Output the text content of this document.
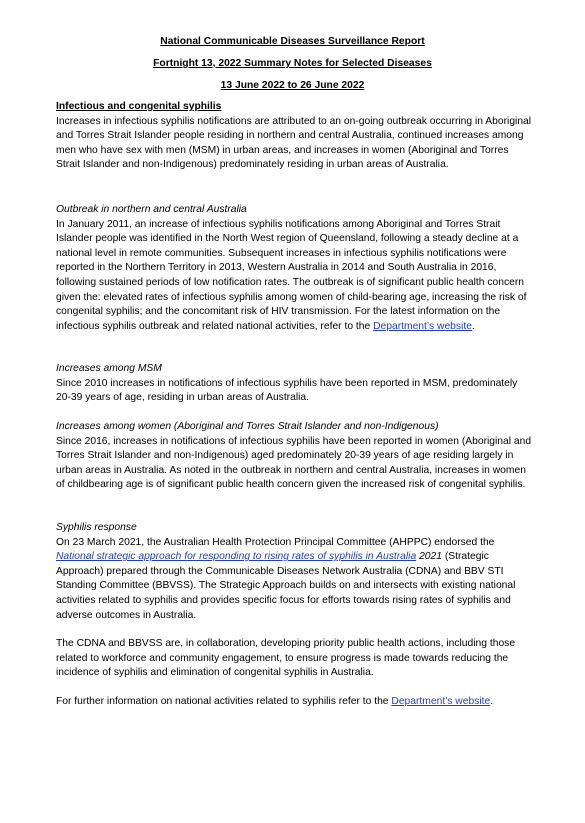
National Communicable Diseases Surveillance Report
Fortnight 13, 2022 Summary Notes for Selected Diseases
13 June 2022 to 26 June 2022

Infectious and congenital syphilis

Increases in infectious syphilis notifications are attributed to an on-going outbreak occurring in Aboriginal and Torres Strait Islander people residing in northern and central Australia, continued increases among men who have sex with men (MSM) in urban areas, and increases in women (Aboriginal and Torres Strait Islander and non-Indigenous) predominately residing in urban areas of Australia.

Outbreak in northern and central Australia

In January 2011, an increase of infectious syphilis notifications among Aboriginal and Torres Strait Islander people was identified in the North West region of Queensland, following a steady decline at a national level in remote communities. Subsequent increases in infectious syphilis notifications were reported in the Northern Territory in 2013, Western Australia in 2014 and South Australia in 2016, following sustained periods of low notification rates. The outbreak is of significant public health concern given the: elevated rates of infectious syphilis among women of child-bearing age, increasing the risk of congenital syphilis; and the concomitant risk of HIV transmission. For the latest information on the infectious syphilis outbreak and related national activities, refer to the Department’s website.

Increases among MSM

Since 2010 increases in notifications of infectious syphilis have been reported in MSM, predominately 20-39 years of age, residing in urban areas of Australia.

Increases among women (Aboriginal and Torres Strait Islander and non-Indigenous)

Since 2016, increases in notifications of infectious syphilis have been reported in women (Aboriginal and Torres Strait Islander and non-Indigenous) aged predominately 20-39 years of age residing largely in urban areas in Australia. As noted in the outbreak in northern and central Australia, increases in women of childbearing age is of significant public health concern given the increased risk of congenital syphilis.

Syphilis response

On 23 March 2021, the Australian Health Protection Principal Committee (AHPPC) endorsed the National strategic approach for responding to rising rates of syphilis in Australia 2021 (Strategic Approach) prepared through the Communicable Diseases Network Australia (CDNA) and BBV STI Standing Committee (BBVSS). The Strategic Approach builds on and intersects with existing national activities related to syphilis and provides specific focus for efforts towards rising rates of syphilis and adverse outcomes in Australia.

The CDNA and BBVSS are, in collaboration, developing priority public health actions, including those related to workforce and community engagement, to ensure progress is made towards reducing the incidence of syphilis and elimination of congenital syphilis in Australia.

For further information on national activities related to syphilis refer to the Department’s website.
